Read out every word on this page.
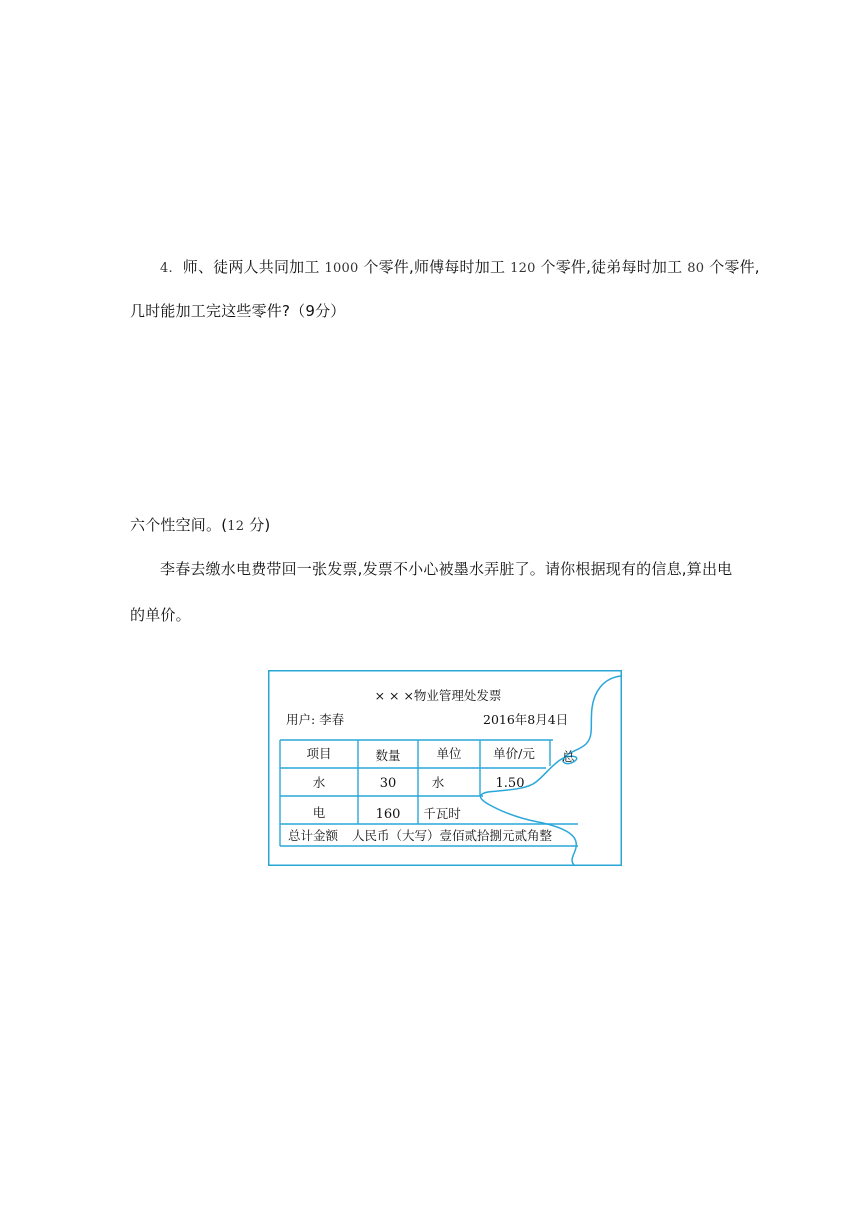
4. 师、徒两人共同加工 1000 个零件,师傅每时加工 120 个零件,徒弟每时加工 80 个零件,
几时能加工完这些零件?（9分）
六个性空间。(12 分)
李春去缴水电费带回一张发票,发票不小心被墨水弄脏了。请你根据现有的信息,算出电
的单价。
× × ×物业管理处发票
用户: 李春	2016年8月4日
项目	数量	单位	单价/元 总
水	30	水	1.50
电	160 千瓦时
总计金额 人民币（大写）壹佰贰拾捌元贰角整
